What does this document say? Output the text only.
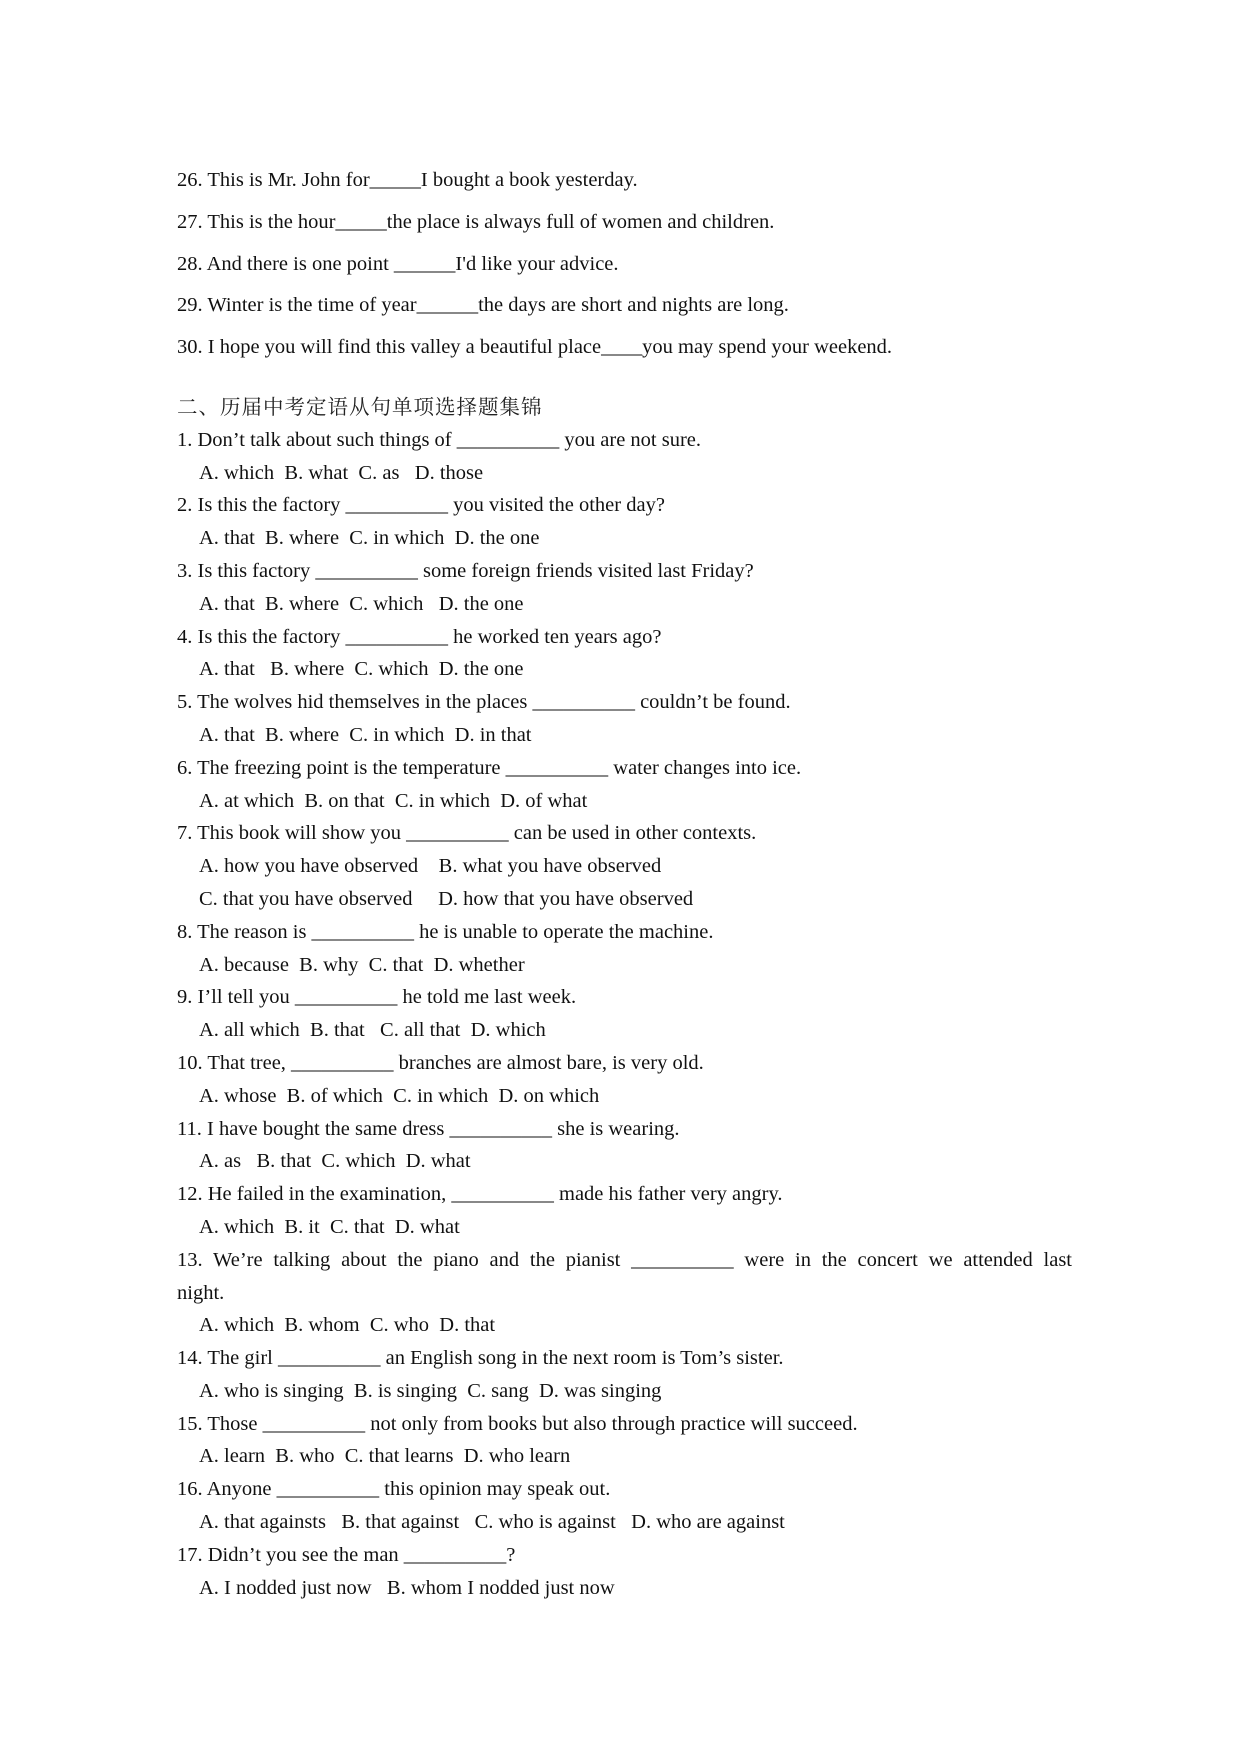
26. This is Mr. John for_____I bought a book yesterday.
27. This is the hour_____the place is always full of women and children.
28. And there is one point ______I'd like your advice.
29. Winter is the time of year______the days are short and nights are long.
30. I hope you will find this valley a beautiful place____you may spend your weekend.
二、历届中考定语从句单项选择题集锦
1. Don’t talk about such things of __________ you are not sure.
A. which  B. what  C. as   D. those
2. Is this the factory __________ you visited the other day?
A. that  B. where  C. in which  D. the one
3. Is this factory __________ some foreign friends visited last Friday?
A. that  B. where  C. which   D. the one
4. Is this the factory __________ he worked ten years ago?
A. that   B. where  C. which  D. the one
5. The wolves hid themselves in the places __________ couldn’t be found.
A. that  B. where  C. in which  D. in that
6. The freezing point is the temperature __________ water changes into ice.
A. at which  B. on that  C. in which  D. of what
7. This book will show you __________ can be used in other contexts.
A. how you have observed    B. what you have observed
C. that you have observed     D. how that you have observed
8. The reason is __________ he is unable to operate the machine.
A. because  B. why  C. that  D. whether
9. I’ll tell you __________ he told me last week.
A. all which  B. that   C. all that  D. which
10. That tree, __________ branches are almost bare, is very old.
A. whose  B. of which  C. in which  D. on which
11. I have bought the same dress __________ she is wearing.
A. as   B. that  C. which  D. what
12. He failed in the examination, __________ made his father very angry.
A. which  B. it  C. that  D. what
13. We’re talking about the piano and the pianist __________ were in the concert we attended last
night.
A. which  B. whom  C. who  D. that
14. The girl __________ an English song in the next room is Tom’s sister.
A. who is singing  B. is singing  C. sang  D. was singing
15. Those __________ not only from books but also through practice will succeed.
A. learn  B. who  C. that learns  D. who learn
16. Anyone __________ this opinion may speak out.
A. that againsts   B. that against   C. who is against   D. who are against
17. Didn’t you see the man __________?
A. I nodded just now   B. whom I nodded just now
